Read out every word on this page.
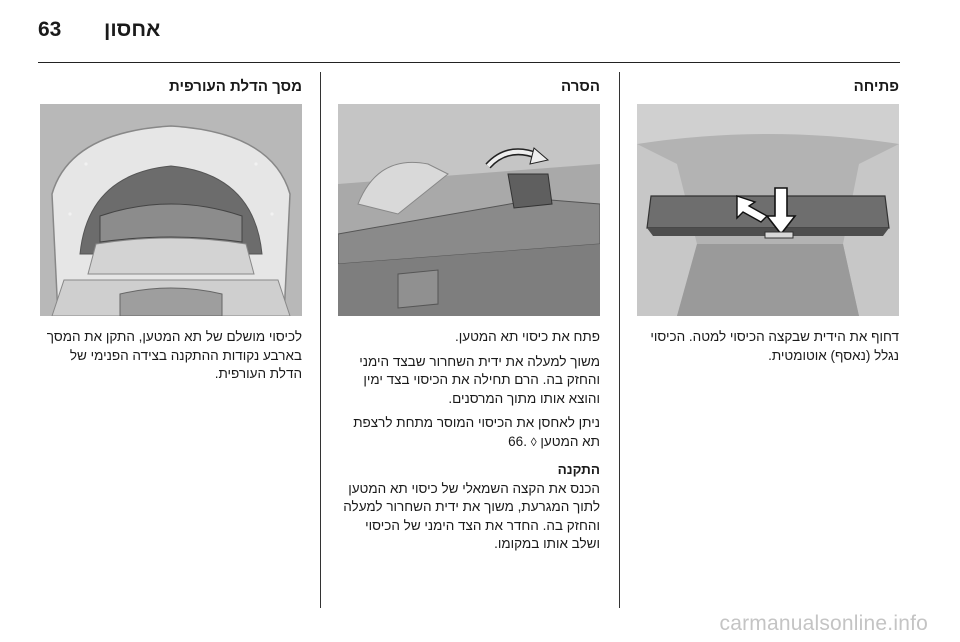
63 אחסון
מסך הדלת העורפית

לכיסוי מושלם של תא המטען, התקן את המסך בארבע נקודות ההתקנה בצידה הפנימי של הדלת העורפית.

הסרה

פתח את כיסוי תא המטען.

משוך למעלה את ידית השחרור שבצד הימני והחזק בה. הרם תחילה את הכיסוי בצד ימין והוצא אותו מתוך המרסנים.

ניתן לאחסן את הכיסוי המוסר מתחת לרצפת תא המטען ◊ .66

התקנה

הכנס את הקצה השמאלי של כיסוי תא המטען לתוך המגרעת, משוך את ידית השחרור למעלה והחזק בה. החדר את הצד הימני של הכיסוי ושלב אותו במקומו.

פתיחה

דחוף את הידית שבקצה הכיסוי למטה. הכיסוי נגלל (נאסף) אוטומטית.

carmanualsonline.info
